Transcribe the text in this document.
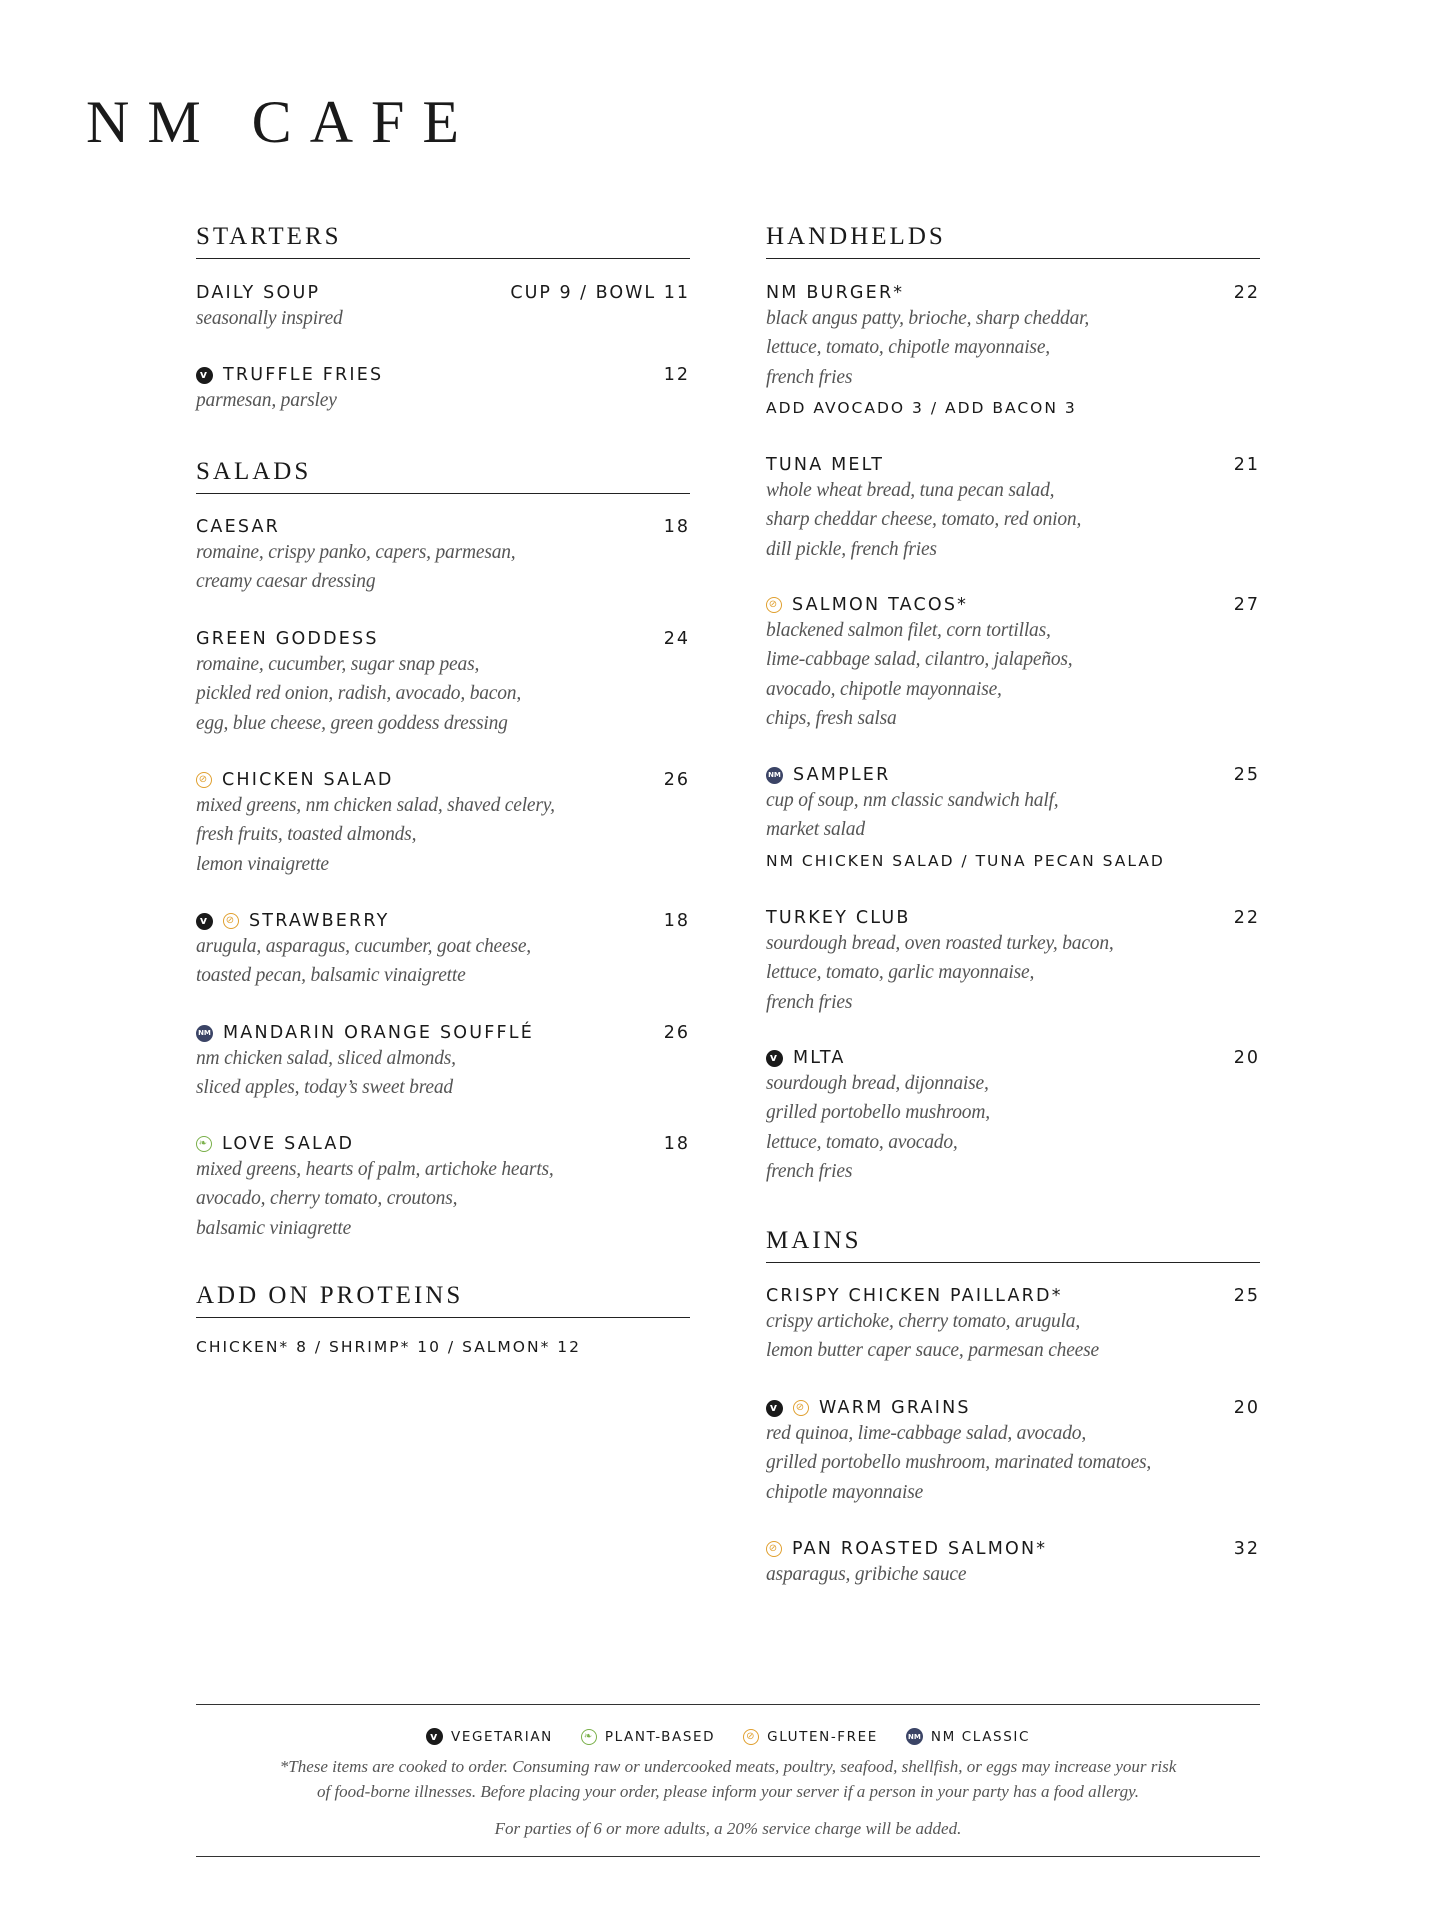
NM CAFE
STARTERS
DAILY SOUP	CUP 9 / BOWL 11
seasonally inspired
v TRUFFLE FRIES	12
parmesan, parsley
SALADS
CAESAR	18
romaine, crispy panko, capers, parmesan,
creamy caesar dressing
GREEN GODDESS	24
romaine, cucumber, sugar snap peas,
pickled red onion, radish, avocado, bacon,
egg, blue cheese, green goddess dressing
⊘ CHICKEN SALAD	26
mixed greens, nm chicken salad, shaved celery,
fresh fruits, toasted almonds,
lemon vinaigrette
v	⊘ STRAWBERRY	18
arugula, asparagus, cucumber, goat cheese,
toasted pecan, balsamic vinaigrette
NM MANDARIN ORANGE SOUFFLÉ	26
nm chicken salad, sliced almonds,
sliced apples, today’s sweet bread
❧ LOVE SALAD	18
mixed greens, hearts of palm, artichoke hearts,
avocado, cherry tomato, croutons,
balsamic viniagrette
ADD ON PROTEINS
CHICKEN* 8 / SHRIMP* 10 / SALMON* 12
HANDHELDS
NM BURGER*	22
black angus patty, brioche, sharp cheddar,
lettuce, tomato, chipotle mayonnaise,
french fries
ADD AVOCADO 3 / ADD BACON 3
TUNA MELT	21
whole wheat bread, tuna pecan salad,
sharp cheddar cheese, tomato, red onion,
dill pickle, french fries
⊘ SALMON TACOS*	27
blackened salmon filet, corn tortillas,
lime-cabbage salad, cilantro, jalapeños,
avocado, chipotle mayonnaise,
chips, fresh salsa
NM SAMPLER	25
cup of soup, nm classic sandwich half,
market salad
NM CHICKEN SALAD / TUNA PECAN SALAD
TURKEY CLUB	22
sourdough bread, oven roasted turkey, bacon,
lettuce, tomato, garlic mayonnaise,
french fries
v MLTA	20
sourdough bread, dijonnaise,
grilled portobello mushroom,
lettuce, tomato, avocado,
french fries
MAINS
CRISPY CHICKEN PAILLARD*	25
crispy artichoke, cherry tomato, arugula,
lemon butter caper sauce, parmesan cheese
v	⊘ WARM GRAINS	20
red quinoa, lime-cabbage salad, avocado,
grilled portobello mushroom, marinated tomatoes,
chipotle mayonnaise
⊘ PAN ROASTED SALMON*	32
asparagus, gribiche sauce
v VEGETARIAN	❧ PLANT-BASED	⊘ GLUTEN-FREE	NM NM CLASSIC
*These items are cooked to order. Consuming raw or undercooked meats, poultry, seafood, shellfish, or eggs may increase your risk
of food-borne illnesses. Before placing your order, please inform your server if a person in your party has a food allergy.
For parties of 6 or more adults, a 20% service charge will be added.
